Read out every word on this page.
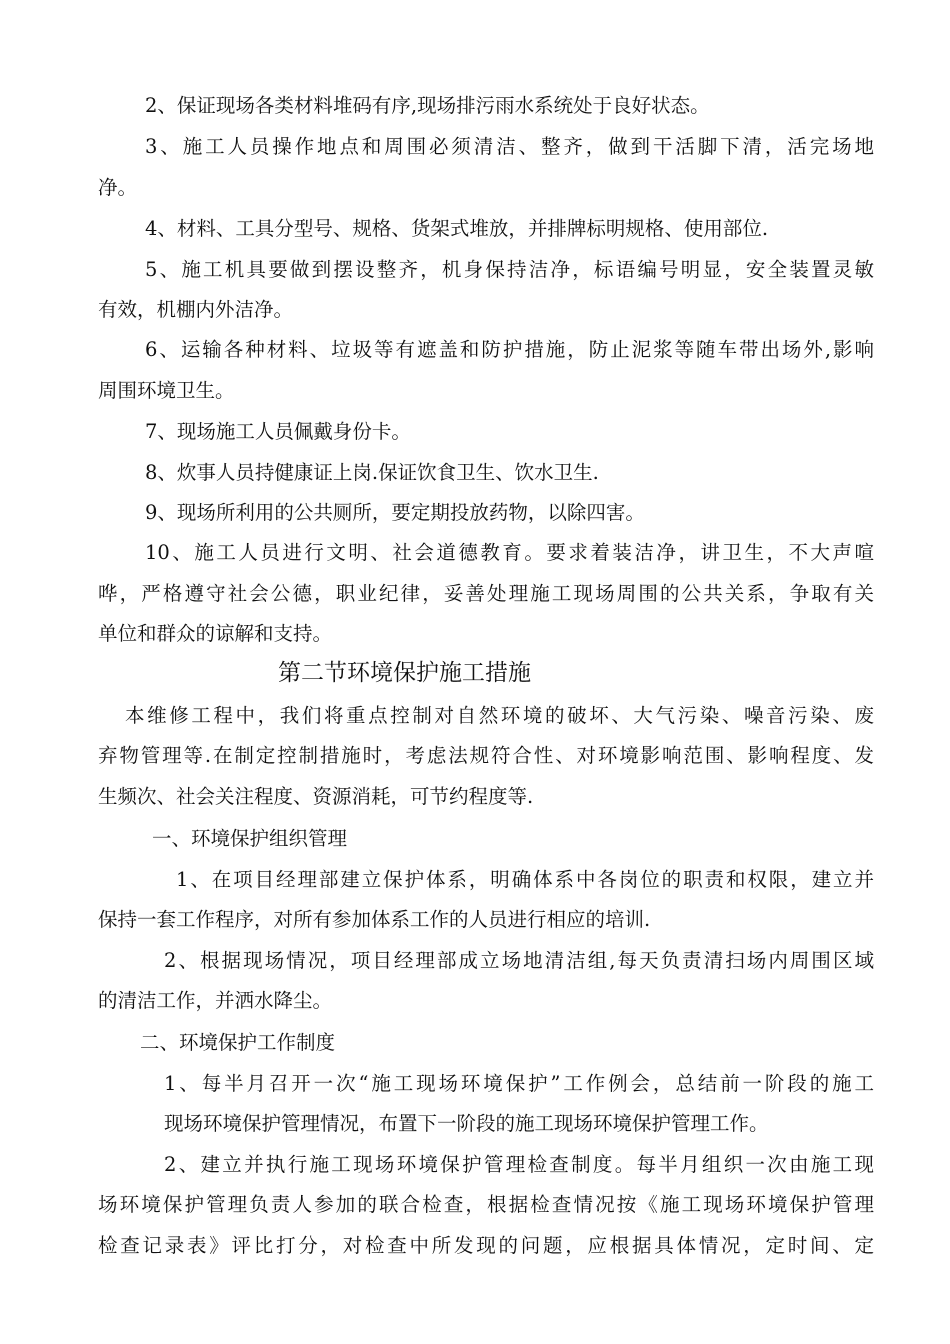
2、保证现场各类材料堆码有序,现场排污雨水系统处于良好状态。
3、施工人员操作地点和周围必须清洁、整齐，做到干活脚下清，活完场地
净。
4、材料、工具分型号、规格、货架式堆放，并排牌标明规格、使用部位.
5、施工机具要做到摆设整齐，机身保持洁净，标语编号明显，安全装置灵敏
有效，机棚内外洁净。
6、运输各种材料、垃圾等有遮盖和防护措施，防止泥浆等随车带出场外,影响
周围环境卫生。
7、现场施工人员佩戴身份卡。
8、炊事人员持健康证上岗.保证饮食卫生、饮水卫生.
9、现场所利用的公共厕所，要定期投放药物，以除四害。
10、施工人员进行文明、社会道德教育。要求着装洁净，讲卫生，不大声喧
哗，严格遵守社会公德，职业纪律，妥善处理施工现场周围的公共关系，争取有关
单位和群众的谅解和支持。
第二节环境保护施工措施
本维修工程中，我们将重点控制对自然环境的破坏、大气污染、噪音污染、废
弃物管理等.在制定控制措施时，考虑法规符合性、对环境影响范围、影响程度、发
生频次、社会关注程度、资源消耗，可节约程度等.
一、环境保护组织管理
1、在项目经理部建立保护体系，明确体系中各岗位的职责和权限，建立并
保持一套工作程序，对所有参加体系工作的人员进行相应的培训.
2、根据现场情况，项目经理部成立场地清洁组,每天负责清扫场内周围区域
的清洁工作，并洒水降尘。
二、环境保护工作制度
1、每半月召开一次“施工现场环境保护”工作例会，总结前一阶段的施工
现场环境保护管理情况，布置下一阶段的施工现场环境保护管理工作。
2、建立并执行施工现场环境保护管理检查制度。每半月组织一次由施工现
场环境保护管理负责人参加的联合检查，根据检查情况按《施工现场环境保护管理
检查记录表》评比打分，对检查中所发现的问题，应根据具体情况，定时间、定
